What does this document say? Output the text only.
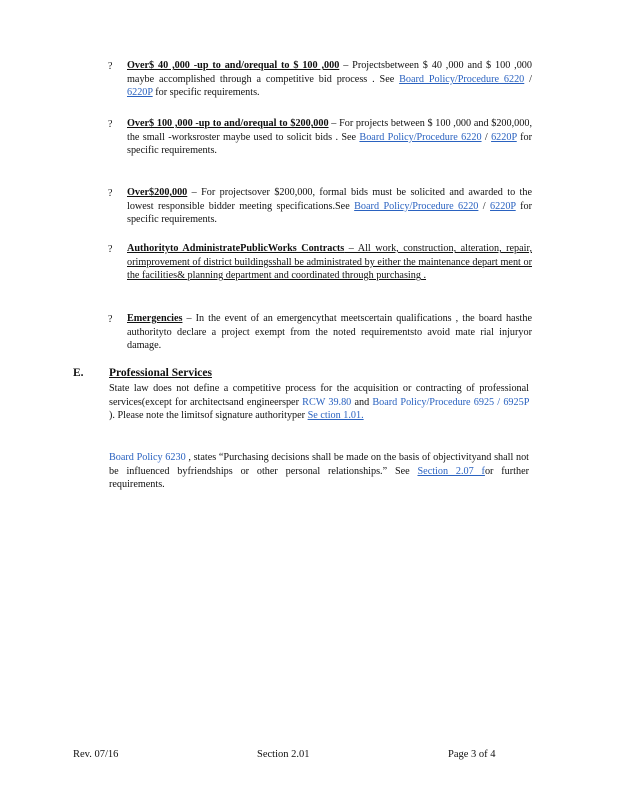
? Over$ 40 ,000 -up to and/orequal to $ 100 ,000 – Projectsbetween $ 40 ,000 and $ 100 ,000 maybe accomplished through a competitive bid process . See Board Policy/Procedure 6220 / 6220P for specific requirements.

? Over$ 100 ,000 -up to and/orequal to $200,000 – For projects between $ 100 ,000 and $200,000, the small -worksroster maybe used to solicit bids . See Board Policy/Procedure 6220 / 6220P for specific requirements.

? Over$200,000 – For projectsover $200,000, formal bids must be solicited and awarded to the lowest responsible bidder meeting specifications.See Board Policy/Procedure 6220 / 6220P for specific requirements.

? Authorityto AdministratePublicWorks Contracts – All work, construction, alteration, repair, orimprovement of district buildingsshall be administrated by either the maintenance depart ment or the facilities& planning department and coordinated through purchasing .

? Emergencies – In the event of an emergencythat meetscertain qualifications , the board hasthe authorityto declare a project exempt from the noted requirementsto avoid mate rial injuryor damage.

E. Professional Services
State law does not define a competitive process for the acquisition or contracting of professional services(except for architectsand engineersper RCW 39.80 and Board Policy/Procedure 6925 / 6925P ). Please note the limitsof signature authorityper Se ction 1.01.
Board Policy 6230 , states “Purchasing decisions shall be made on the basis of objectivityand shall not be influenced byfriendships or other personal relationships.” See Section 2.07 for further requirements.
Rev. 07/16	Section 2.01	Page 3 of 4
